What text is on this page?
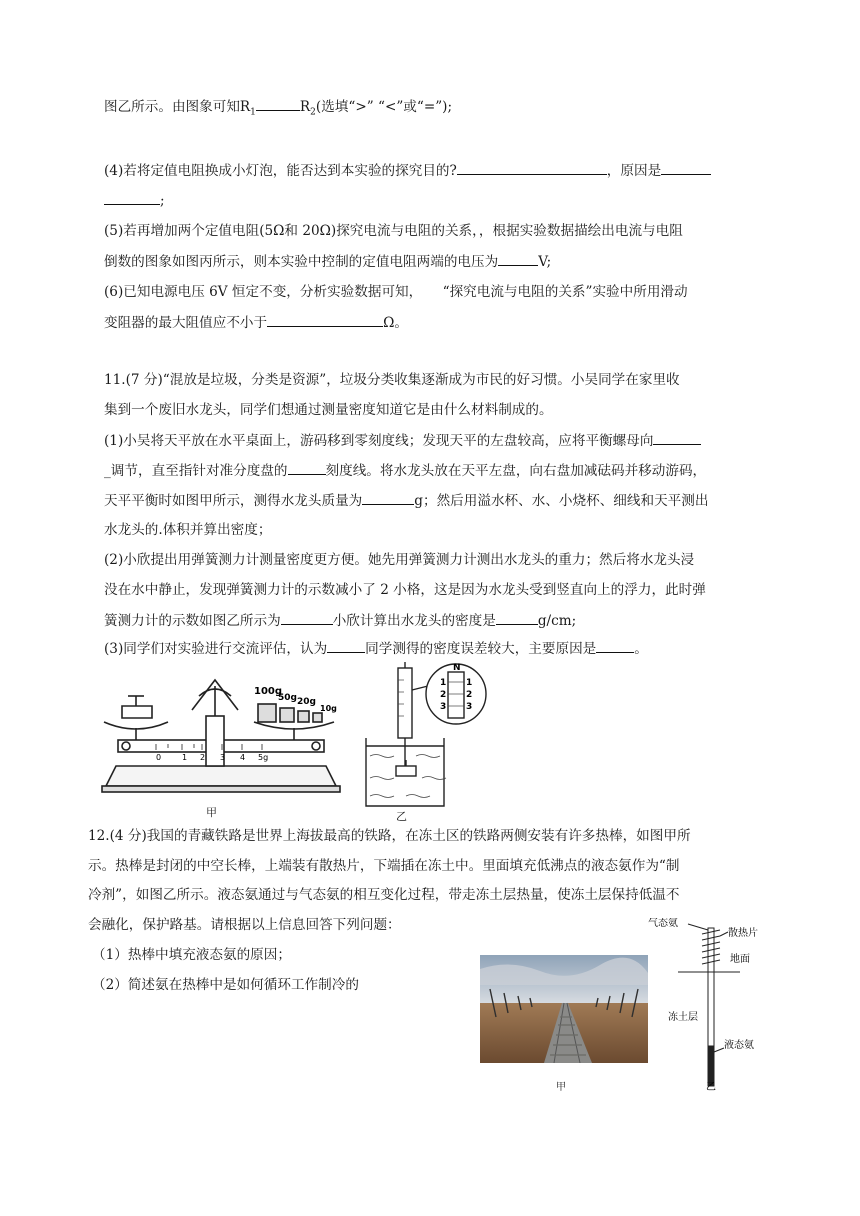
图乙所示。由图象可知$R_1$	$R_2$(选填“>” “<”或“=”);
(4)若将定值电阻换成小灯泡，能否达到本实验的探究目的?	，原因是
;
(5)若再增加两个定值电阻(5Ω和 20Ω)探究电流与电阻的关系，，根据实验数据描绘出电流与电阻
倒数的图象如图丙所示，则本实验中控制的定值电阻两端的电压为	V;
(6)已知电源电压 6V 恒定不变，分析实验数据可知，　　“探究电流与电阻的关系”实验中所用滑动
变阻器的最大阻值应不小于	Ω。
11.(7 分)“混放是垃圾，分类是资源”，垃圾分类收集逐渐成为市民的好习惯。小吴同学在家里收
集到一个废旧水龙头，同学们想通过测量密度知道它是由什么材料制成的。
(1)小吴将天平放在水平桌面上，游码移到零刻度线；发现天平的左盘较高，应将平衡螺母向
_调节，直至指针对准分度盘的	刻度线。将水龙头放在天平左盘，向右盘加减砝码并移动游码，
天平平衡时如图甲所示，测得水龙头质量为	g；然后用溢水杯、水、小烧杯、细线和天平测出
水龙头的.体积并算出密度；
(2)小欣提出用弹簧测力计测量密度更方便。她先用弹簧测力计测出水龙头的重力；然后将水龙头浸
没在水中静止，发现弹簧测力计的示数减小了 2 小格，这是因为水龙头受到竖直向上的浮力，此时弹
簧测力计的示数如图乙所示为	小欣计算出水龙头的密度是	g/cm;
(3)同学们对实验进行交流评估，认为	同学测得的密度误差较大，主要原因是	。
100g
50g 20g
10g
0	1 2 3 4 5g
甲
N
1
2
3
1
2
3
乙
12.(4 分)我国的青藏铁路是世界上海拔最高的铁路，在冻土区的铁路两侧安装有许多热棒，如图甲所
示。热棒是封闭的中空长棒，上端装有散热片，下端插在冻土中。里面填充低沸点的液态氨作为“制
冷剂”，如图乙所示。液态氨通过与气态氨的相互变化过程，带走冻土层热量，使冻土层保持低温不
会融化，保护路基。请根据以上信息回答下列问题：
（1）热棒中填充液态氨的原因；
（2）简述氨在热棒中是如何循环工作制冷的
甲
气态氨
散热片
地面
冻土层
液态氨
乙
